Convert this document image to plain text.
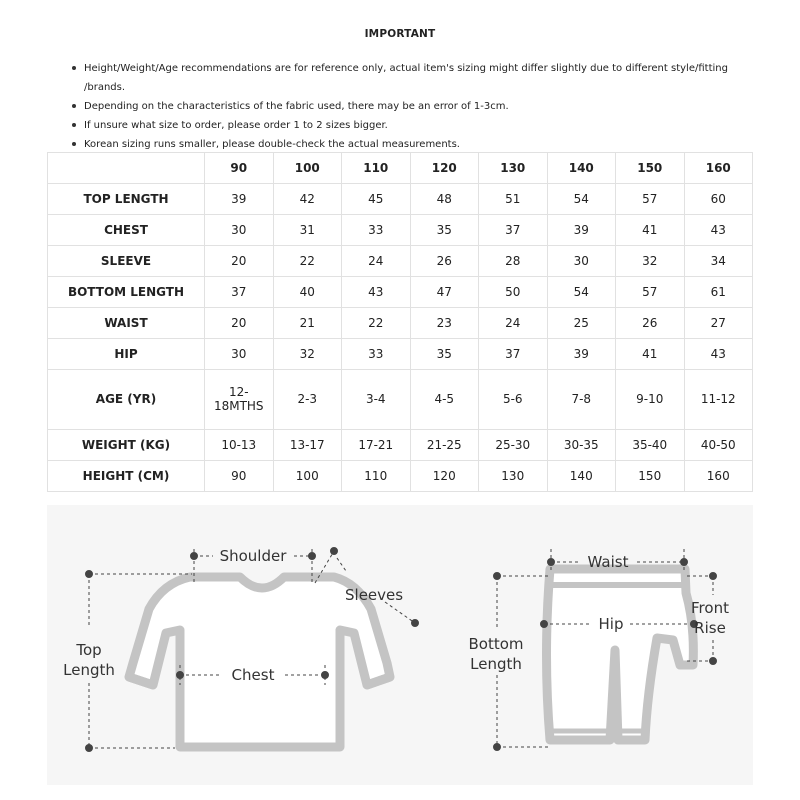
IMPORTANT
Height/Weight/Age recommendations are for reference only, actual item's sizing might differ slightly due to different style/fitting /brands.
Depending on the characteristics of the fabric used, there may be an error of 1-3cm.
If unsure what size to order, please order 1 to 2 sizes bigger.
Korean sizing runs smaller, please double-check the actual measurements.
	90	100	110	120	130	140	150	160
TOP LENGTH	39	42	45	48	51	54	57	60
CHEST	30	31	33	35	37	39	41	43
SLEEVE	20	22	24	26	28	30	32	34
BOTTOM LENGTH	37	40	43	47	50	54	57	61
WAIST	20	21	22	23	24	25	26	27
HIP	30	32	33	35	37	39	41	43
AGE (YR)	12-18MTHS	2-3	3-4	4-5	5-6	7-8	9-10	11-12
WEIGHT (KG)	10-13	13-17	17-21	21-25	25-30	30-35	35-40	40-50
HEIGHT (CM)	90	100	110	120	130	140	150	160
Shoulder
Sleeves
Top
Length	Chest
Waist
Hip
Bottom
Length
Front
Rise
